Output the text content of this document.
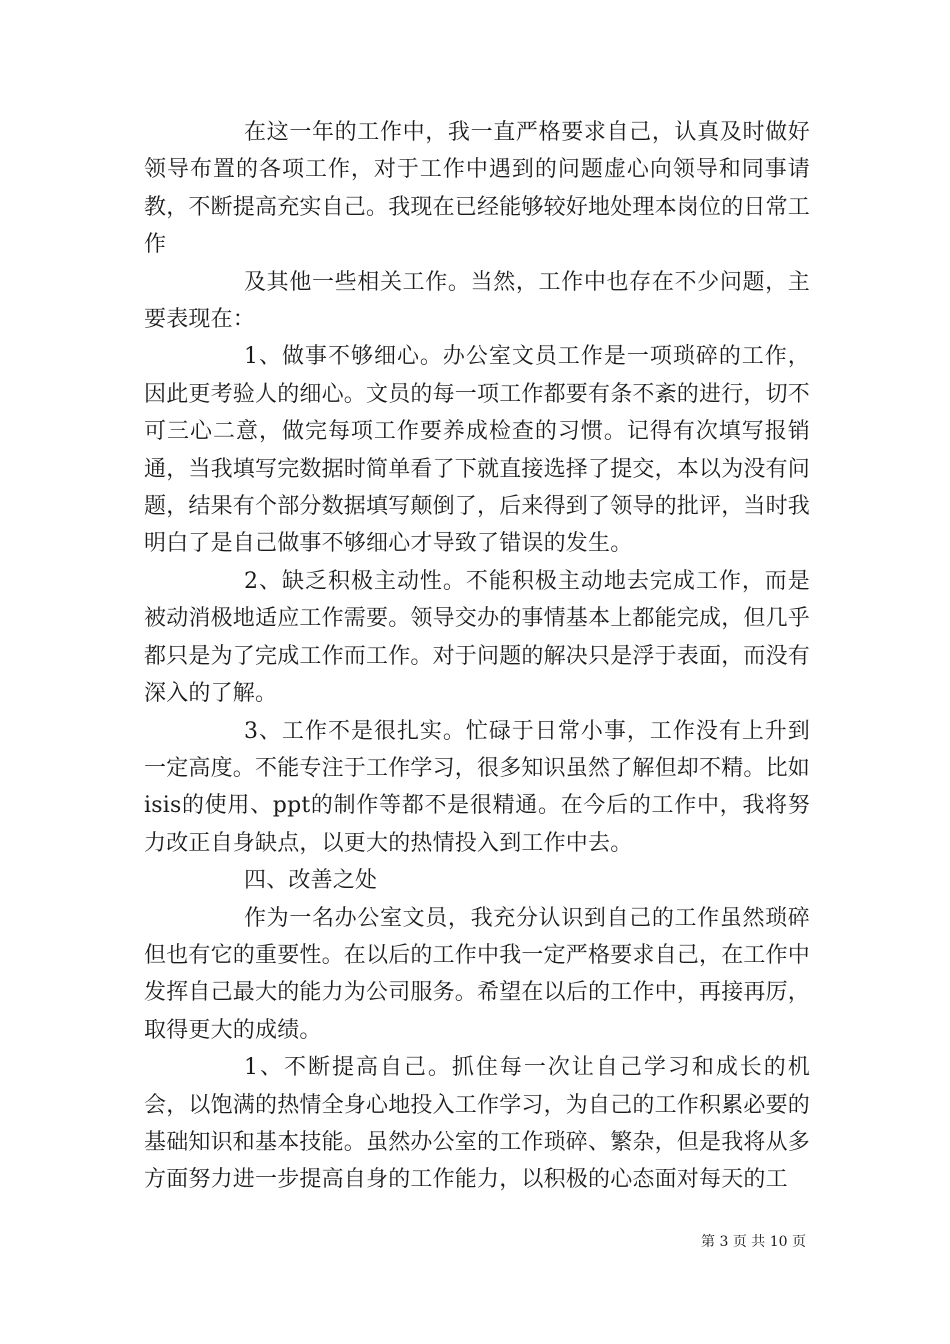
在这一年的工作中，我一直严格要求自己，认真及时做好领导布置的各项工作，对于工作中遇到的问题虚心向领导和同事请教，不断提高充实自己。我现在已经能够较好地处理本岗位的日常工作

及其他一些相关工作。当然，工作中也存在不少问题，主要表现在：

1、做事不够细心。办公室文员工作是一项琐碎的工作，因此更考验人的细心。文员的每一项工作都要有条不紊的进行，切不可三心二意，做完每项工作要养成检查的习惯。记得有次填写报销通，当我填写完数据时简单看了下就直接选择了提交，本以为没有问题，结果有个部分数据填写颠倒了，后来得到了领导的批评，当时我明白了是自己做事不够细心才导致了错误的发生。

2、缺乏积极主动性。不能积极主动地去完成工作，而是被动消极地适应工作需要。领导交办的事情基本上都能完成，但几乎都只是为了完成工作而工作。对于问题的解决只是浮于表面，而没有深入的了解。

3、工作不是很扎实。忙碌于日常小事，工作没有上升到一定高度。不能专注于工作学习，很多知识虽然了解但却不精。比如isis的使用、ppt的制作等都不是很精通。在今后的工作中，我将努力改正自身缺点，以更大的热情投入到工作中去。

四、改善之处

作为一名办公室文员，我充分认识到自己的工作虽然琐碎但也有它的重要性。在以后的工作中我一定严格要求自己，在工作中发挥自己最大的能力为公司服务。希望在以后的工作中，再接再厉，取得更大的成绩。

1、不断提高自己。抓住每一次让自己学习和成长的机会，以饱满的热情全身心地投入工作学习，为自己的工作积累必要的基础知识和基本技能。虽然办公室的工作琐碎、繁杂，但是我将从多方面努力进一步提高自身的工作能力，以积极的心态面对每天的工

第 3 页 共 10 页
